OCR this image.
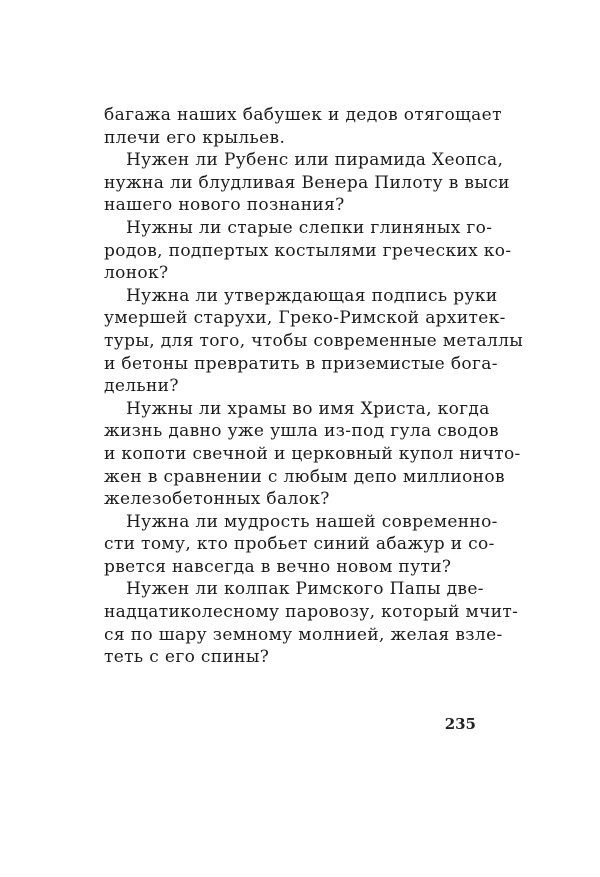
багажа наших бабушек и дедов отягощает
плечи его крыльев.
Нужен ли Рубенс или пирамида Хеопса,
нужна ли блудливая Венера Пилоту в выси
нашего нового познания?
Нужны ли старые слепки глиняных го-
родов, подпертых костылями греческих ко-
лонок?
Нужна ли утверждающая подпись руки
умершей старухи, Греко-Римской архитек-
туры, для того, чтобы современные металлы
и бетоны превратить в приземистые бога-
дельни?
Нужны ли храмы во имя Христа, когда
жизнь давно уже ушла из-под гула сводов
и копоти свечной и церковный купол ничто-
жен в сравнении с любым депо миллионов
железобетонных балок?
Нужна ли мудрость нашей современно-
сти тому, кто пробьет синий абажур и со-
рвется навсегда в вечно новом пути?
Нужен ли колпак Римского Папы две-
надцатиколесному паровозу, который мчит-
ся по шару земному молнией, желая взле-
теть с его спины?
235
